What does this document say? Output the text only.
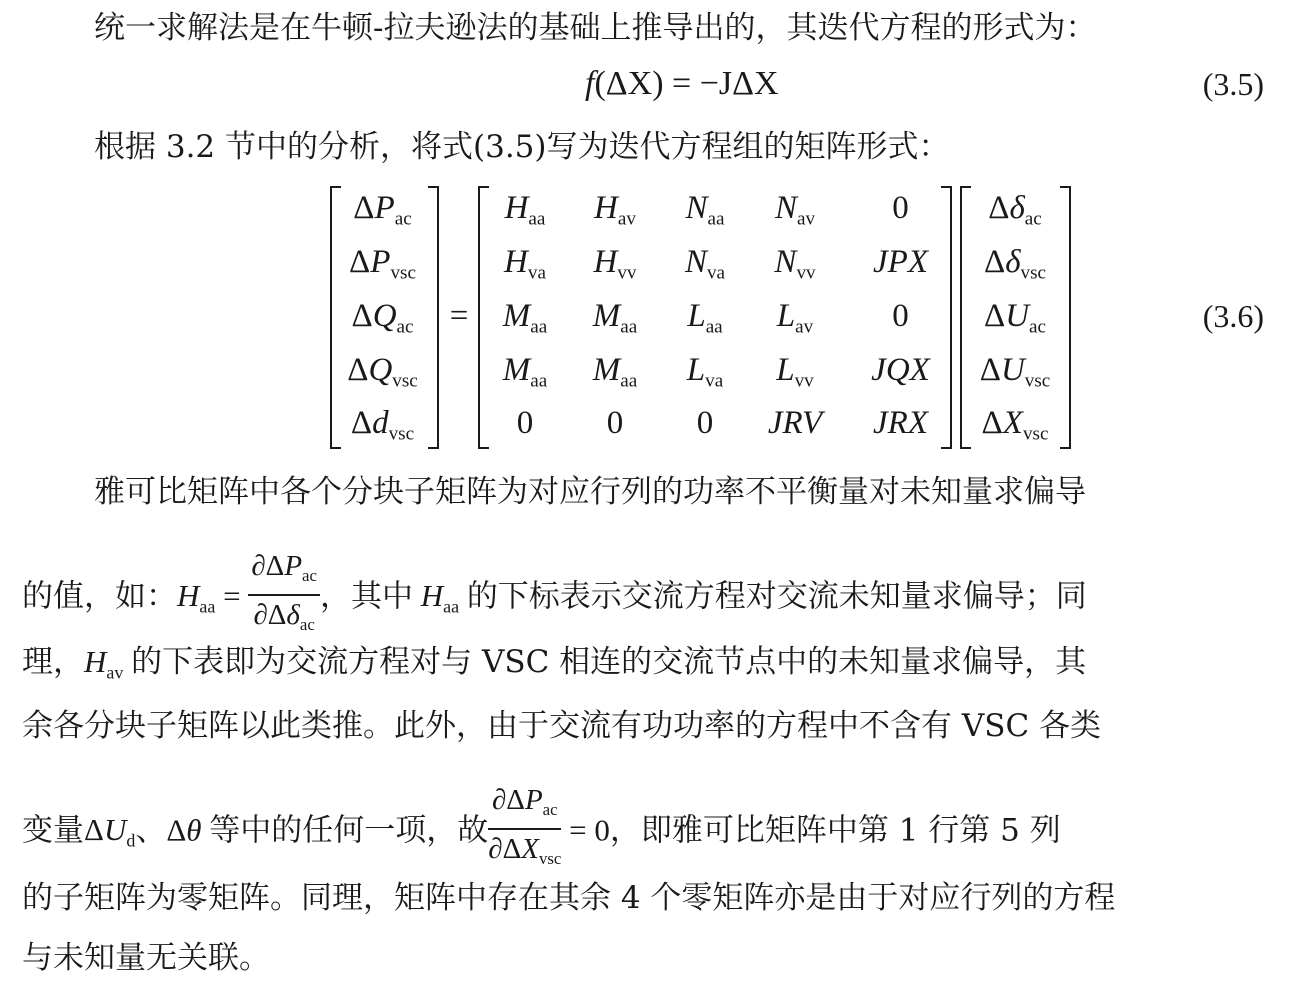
统一求解法是在牛顿-拉夫逊法的基础上推导出的，其迭代方程的形式为：
f(ΔX) = −JΔX	(3.5)
根据 3.2 节中的分析，将式(3.5)写为迭代方程组的矩阵形式：
$\Delta P_{ac}$
$\Delta P_{vsc}$
$\Delta Q_{ac}$
$\Delta Q_{vsc}$
$\Delta d_{vsc}$
=
$H_{aa}$	$H_{av}$	$N_{aa}$	$N_{av}$	0
$H_{va}$	$H_{vv}$	$N_{va}$	$N_{vv}$	JPX
$M_{aa}$	$M_{aa}$	$L_{aa}$	$L_{av}$	0
$M_{aa}$	$M_{aa}$	$L_{va}$	$L_{vv}$	JQX
0	0	0	JRV	JRX
$\Delta\delta_{ac}$
$\Delta\delta_{vsc}$
$\Delta U_{ac}$
$\Delta U_{vsc}$
$\Delta X_{vsc}$
(3.6)
雅可比矩阵中各个分块子矩阵为对应行列的功率不平衡量对未知量求偏导
的值，如：$H_{aa} = \frac{\partial\Delta P_{ac}}{\partial\Delta\delta_{ac}}$ ，其中 $H_{aa}$ 的下标表示交流方程对交流未知量求偏导；同
理，$H_{av}$ 的下表即为交流方程对与 VSC 相连的交流节点中的未知量求偏导，其
余各分块子矩阵以此类推。此外，由于交流有功功率的方程中不含有 VSC 各类
变量$\Delta U_d$、Δθ 等中的任何一项，故 $\frac{\partial\Delta P_{ac}}{\partial\Delta X_{vsc}} = 0$，即雅可比矩阵中第 1 行第 5 列
的子矩阵为零矩阵。同理，矩阵中存在其余 4 个零矩阵亦是由于对应行列的方程
与未知量无关联。
